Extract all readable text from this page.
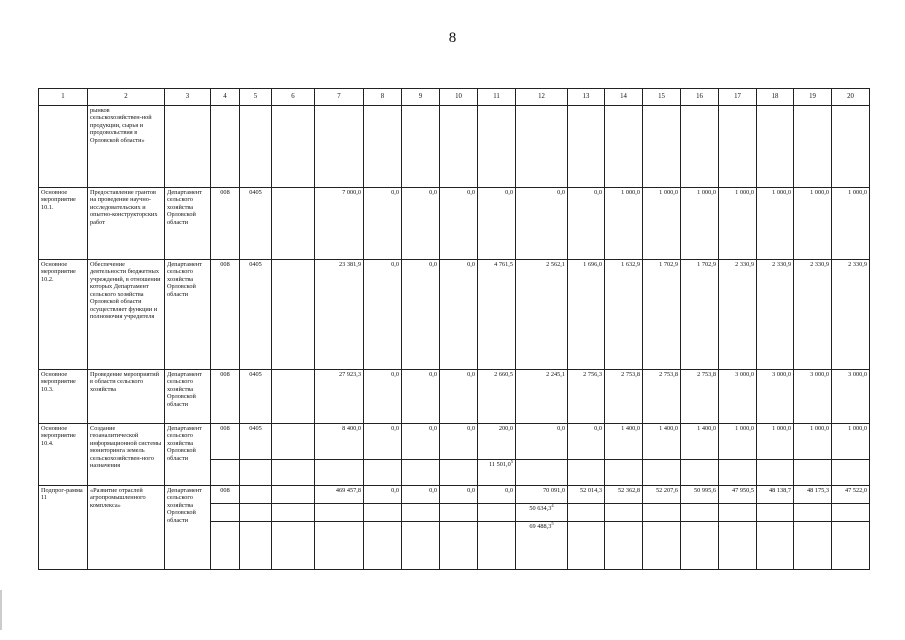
8
1	2	3	4	5	6	7	8	9	10	11	12	13	14	15	16	17	18	19	20
	рынков сельскохозяйствен-ной продукции, сырья и продовольствия в Орловской области»																		
Основное мероприятие 10.1.	Предоставление грантов на проведение научно-исследовательских и опытно-конструкторских работ	Департамент сельского хозяйства Орловской области	008	0405		7 000,0	0,0	0,0	0,0	0,0	0,0	0,0	1 000,0	1 000,0	1 000,0	1 000,0	1 000,0	1 000,0	1 000,0
Основное мероприятие 10.2.	Обеспечение деятельности бюджетных учреждений, в отношении которых Департамент сельского хозяйства Орловской области осуществляет функции и полномочия учредителя	Департамент сельского хозяйства Орловской области	008	0405		23 381,9	0,0	0,0	0,0	4 761,5	2 562,1	1 696,0	1 632,9	1 702,9	1 702,9	2 330,9	2 330,9	2 330,9	2 330,9
Основное мероприятие 10.3.	Проведение мероприятий в области сельского хозяйства	Департамент сельского хозяйства Орловской области	008	0405		27 923,3	0,0	0,0	0,0	2 660,5	2 245,1	2 756,3	2 753,8	2 753,8	2 753,8	3 000,0	3 000,0	3 000,0	3 000,0
Основное мероприятие 10.4.	Создание геоаналитической информационной системы мониторинга земель сельскохозяйствен-ного назначения	Департамент сельского хозяйства Орловской области	008	0405		8 400,0	0,0	0,0	0,0	200,0	0,0	0,0	1 400,0	1 400,0	1 400,0	1 000,0	1 000,0	1 000,0	1 000,0
										11 501,0$^5$									
Подпрог-рамма 11	«Развитие отраслей агропромышленного комплекса»	Департамент сельского хозяйства Орловской области	008			469 457,8	0,0	0,0	0,0	0,0	70 091,0	52 014,3	52 362,8	52 207,6	50 995,6	47 950,5	48 138,7	48 175,3	47 522,0
											50 634,3$^4$								
											69 488,3$^5$								
